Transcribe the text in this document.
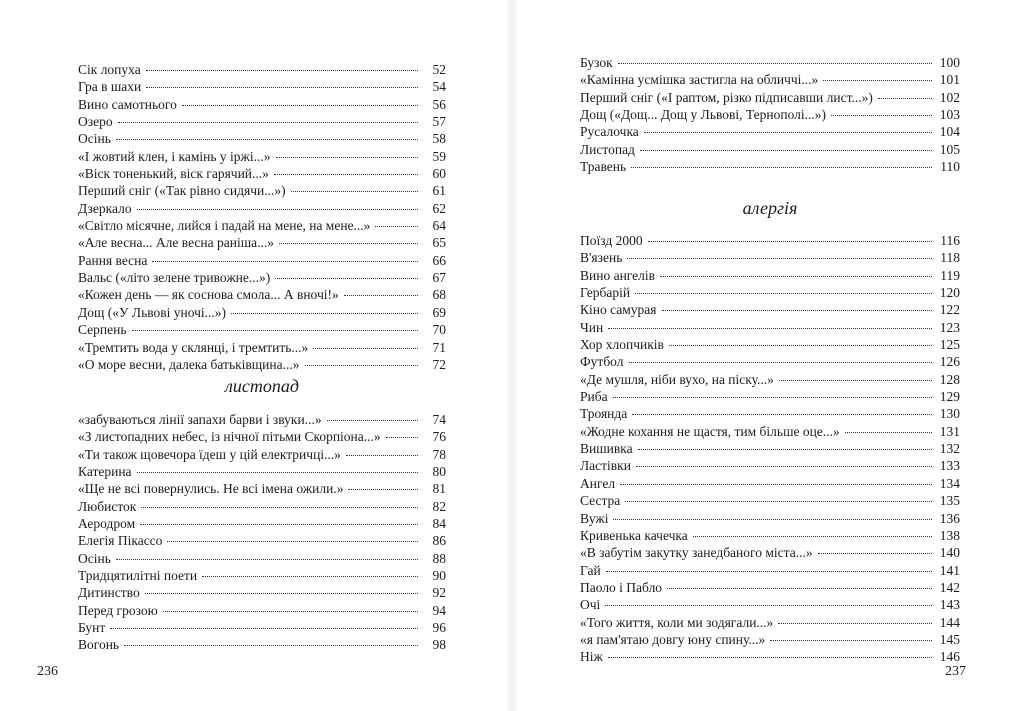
Сік лопуха	52
Гра в шахи	54
Вино самотнього	56
Озеро	57
Осінь	58
«І жовтий клен, і камінь у іржі...»	59
«Віск тоненький, віск гарячий...»	60
Перший сніг («Так рівно сидячи...»)	61
Дзеркало	62
«Світло місячне, лийся і падай на мене, на мене...»	64
«Але весна... Але весна раніша...»	65
Рання весна	66
Вальс («літо зелене тривожне...»)	67
«Кожен день — як соснова смола... А вночі!»	68
Дощ («У Львові уночі...»)	69
Серпень	70
«Тремтить вода у склянці, і тремтить...»	71
«О море весни, далека батьківщина...»	72
листопад
«забуваються лінії запахи барви і звуки...»	74
«З листопадних небес, із нічної пітьми Скорпіона...»	76
«Ти також щовечора їдеш у цій електричці...»	78
Катерина	80
«Ще не всі повернулись. Не всі імена ожили.»	81
Любисток	82
Аеродром	84
Елегія Пікассо	86
Осінь	88
Тридцятилітні поети	90
Дитинство	92
Перед грозою	94
Бунт	96
Вогонь	98
236
Бузок	100
«Камінна усмішка застигла на обличчі...»	101
Перший сніг («І раптом, різко підписавши лист...»)	102
Дощ («Дощ... Дощ у Львові, Тернополі...»)	103
Русалочка	104
Листопад	105
Травень	110
алергія
Поїзд 2000	116
В'язень	118
Вино ангелів	119
Гербарій	120
Кіно самурая	122
Чин	123
Хор хлопчиків	125
Футбол	126
«Де мушля, ніби вухо, на піску...»	128
Риба	129
Троянда	130
«Жодне кохання не щастя, тим більше оце...»	131
Вишивка	132
Ластівки	133
Ангел	134
Сестра	135
Вужі	136
Кривенька качечка	138
«В забутім закутку занедбаного міста...»	140
Гай	141
Паоло і Пабло	142
Очі	143
«Того життя, коли ми зодягали...»	144
«я пам'ятаю довгу юну спину...»	145
Ніж	146
237
